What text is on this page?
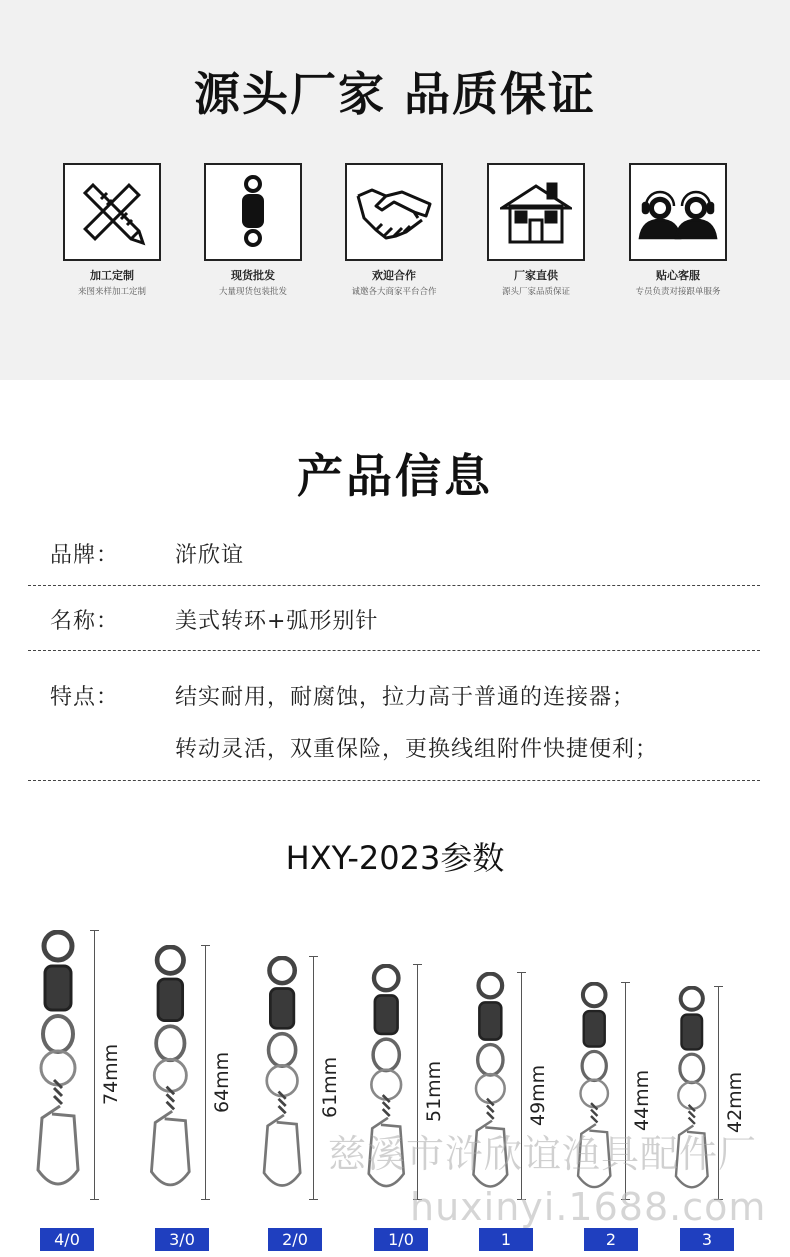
源头厂家 品质保证
加工定制
来图来样加工定制
现货批发
大量现货包装批发
欢迎合作
诚邀各大商家平台合作
厂家直供
源头厂家品质保证
贴心客服
专员负责对接跟单服务
产品信息
品牌：	浒欣谊
名称：	美式转环+弧形别针
特点：	结实耐用，耐腐蚀，拉力高于普通的连接器；
转动灵活，双重保险，更换线组附件快捷便利；
HXY-2023参数
74mm
4/0
64mm
3/0
61mm
2/0
51mm
1/0
49mm
1
44mm
2
42mm
3
慈溪市浒欣谊渔具配件厂
huxinyi.1688.com
